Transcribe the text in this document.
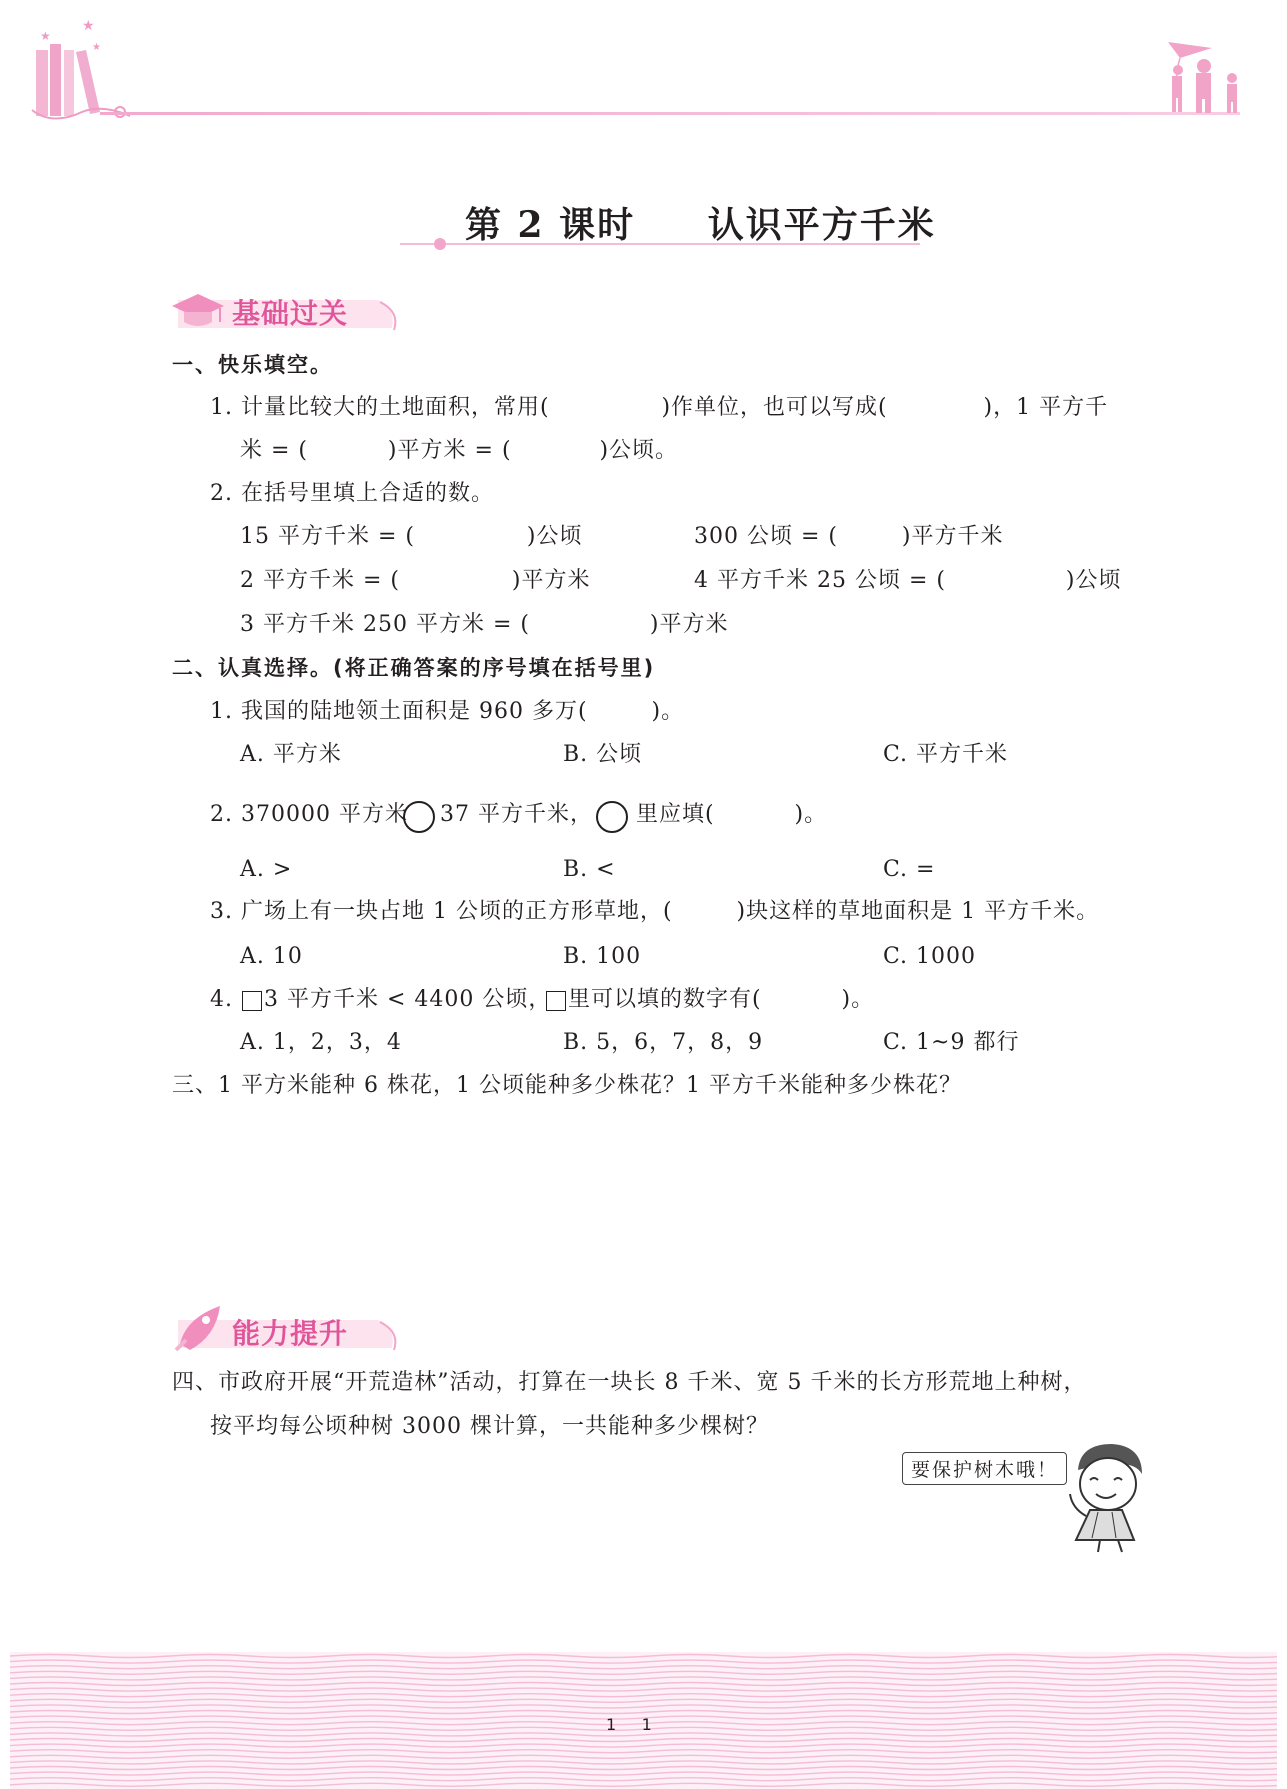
★
★
★
第 2 课时     认识平方千米
基础过关
一、快乐填空。
1. 计量比较大的土地面积，常用(              )作单位，也可以写成(            )，1 平方千
米 = (          )平方米 = (           )公顷。
2. 在括号里填上合适的数。
15 平方千米 = (              )公顷	300 公顷 = (        )平方千米
2 平方千米 = (              )平方米	4 平方千米 25 公顷 = (               )公顷
3 平方千米 250 平方米 = (               )平方米
二、认真选择。(将正确答案的序号填在括号里)
1. 我国的陆地领土面积是 960 多万(        )。
A. 平方米	B. 公顷	C. 平方千米
2. 370000 平方米 37 平方千米， 里应填(          )。
A. >	B. <	C. =
3. 广场上有一块占地 1 公顷的正方形草地，(        )块这样的草地面积是 1 平方千米。
A. 10	B. 100	C. 1000
4. 3 平方千米 < 4400 公顷， 里可以填的数字有(          )。
A. 1，2，3，4	B. 5，6，7，8，9	C. 1~9 都行
三、1 平方米能种 6 株花，1 公顷能种多少株花？1 平方千米能种多少株花？
能力提升
四、市政府开展“开荒造林”活动，打算在一块长 8 千米、宽 5 千米的长方形荒地上种树，
按平均每公顷种树 3000 棵计算，一共能种多少棵树？
要保护树木哦！
1     1
